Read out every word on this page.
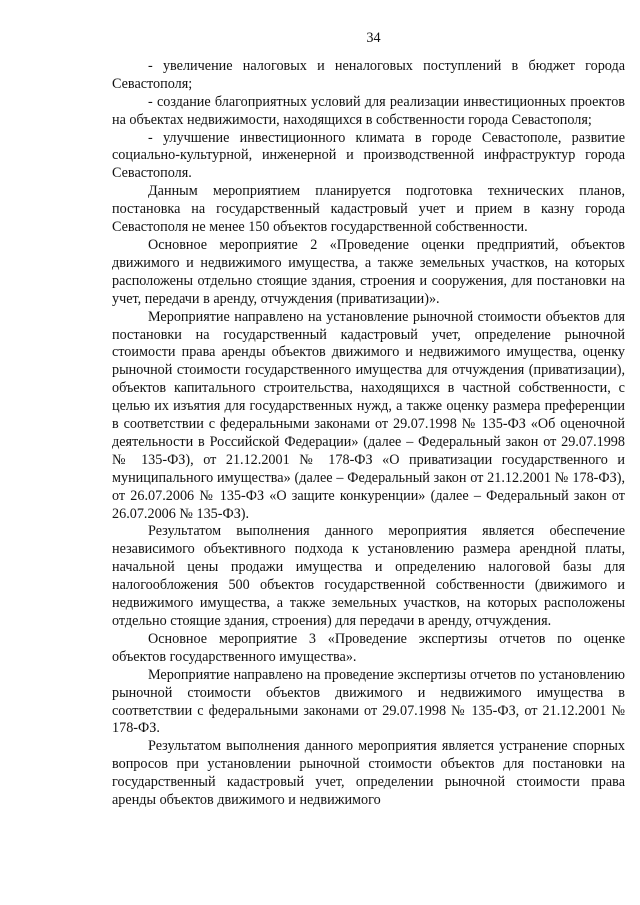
34

- увеличение налоговых и неналоговых поступлений в бюджет города Севастополя;

- создание благоприятных условий для реализации инвестиционных проектов на объектах недвижимости, находящихся в собственности города Севастополя;

- улучшение инвестиционного климата в городе Севастополе, развитие социально-культурной, инженерной и производственной инфраструктур города Севастополя.

Данным мероприятием планируется подготовка технических планов, постановка на государственный кадастровый учет и прием в казну города Севастополя не менее 150 объектов государственной собственности.

Основное мероприятие 2 «Проведение оценки предприятий, объектов движимого и недвижимого имущества, а также земельных участков, на которых расположены отдельно стоящие здания, строения и сооружения, для постановки на учет, передачи в аренду, отчуждения (приватизации)».

Мероприятие направлено на установление рыночной стоимости объектов для постановки на государственный кадастровый учет, определение рыночной стоимости права аренды объектов движимого и недвижимого имущества, оценку рыночной стоимости государственного имущества для отчуждения (приватизации), объектов капитального строительства, находящихся в частной собственности, с целью их изъятия для государственных нужд, а также оценку размера преференции в соответствии с федеральными законами от 29.07.1998 № 135-ФЗ «Об оценочной деятельности в Российской Федерации» (далее – Федеральный закон от 29.07.1998 № 135-ФЗ), от 21.12.2001 № 178-ФЗ «О приватизации государственного и муниципального имущества» (далее – Федеральный закон от 21.12.2001 № 178-ФЗ), от 26.07.2006 № 135-ФЗ «О защите конкуренции» (далее – Федеральный закон от 26.07.2006 № 135-ФЗ).

Результатом выполнения данного мероприятия является обеспечение независимого объективного подхода к установлению размера арендной платы, начальной цены продажи имущества и определению налоговой базы для налогообложения 500 объектов государственной собственности (движимого и недвижимого имущества, а также земельных участков, на которых расположены отдельно стоящие здания, строения) для передачи в аренду, отчуждения.

Основное мероприятие 3 «Проведение экспертизы отчетов по оценке объектов государственного имущества».

Мероприятие направлено на проведение экспертизы отчетов по установлению рыночной стоимости объектов движимого и недвижимого имущества в соответствии с федеральными законами от 29.07.1998 № 135-ФЗ, от 21.12.2001 № 178-ФЗ.

Результатом выполнения данного мероприятия является устранение спорных вопросов при установлении рыночной стоимости объектов для постановки на государственный кадастровый учет, определении рыночной стоимости права аренды объектов движимого и недвижимого
